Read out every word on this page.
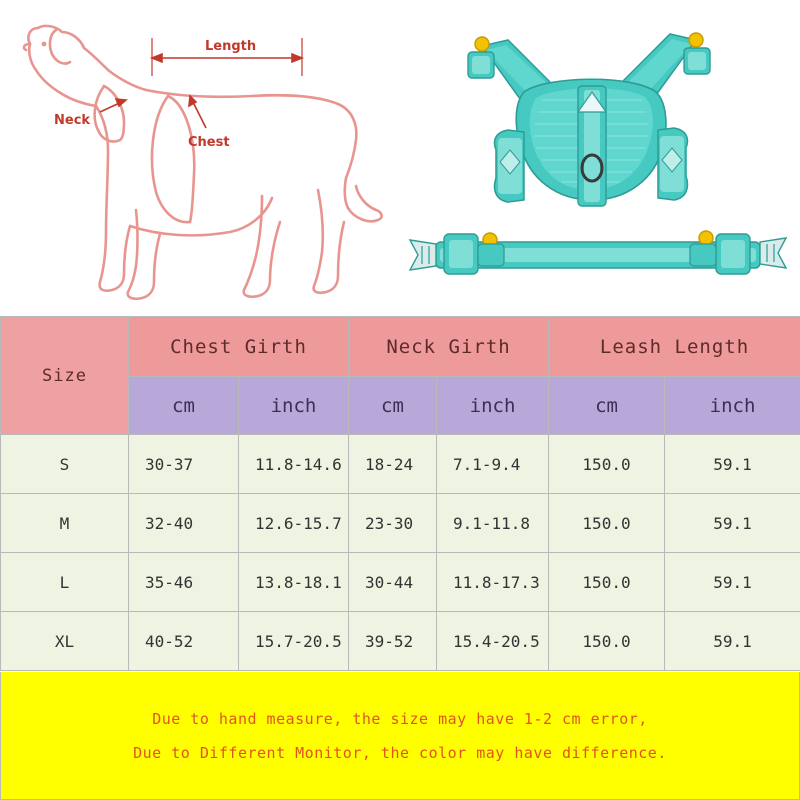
Length
Neck
Chest
Size	Chest Girth		Neck Girth		Leash Length	
	cm	inch	cm	inch	cm	inch
S	30-37	11.8-14.6	18-24	7.1-9.4	150.0	59.1
M	32-40	12.6-15.7	23-30	9.1-11.8	150.0	59.1
L	35-46	13.8-18.1	30-44	11.8-17.3	150.0	59.1
XL	40-52	15.7-20.5	39-52	15.4-20.5	150.0	59.1
Due to hand measure, the size may have 1-2 cm error,
Due to Different Monitor, the color may have difference.
